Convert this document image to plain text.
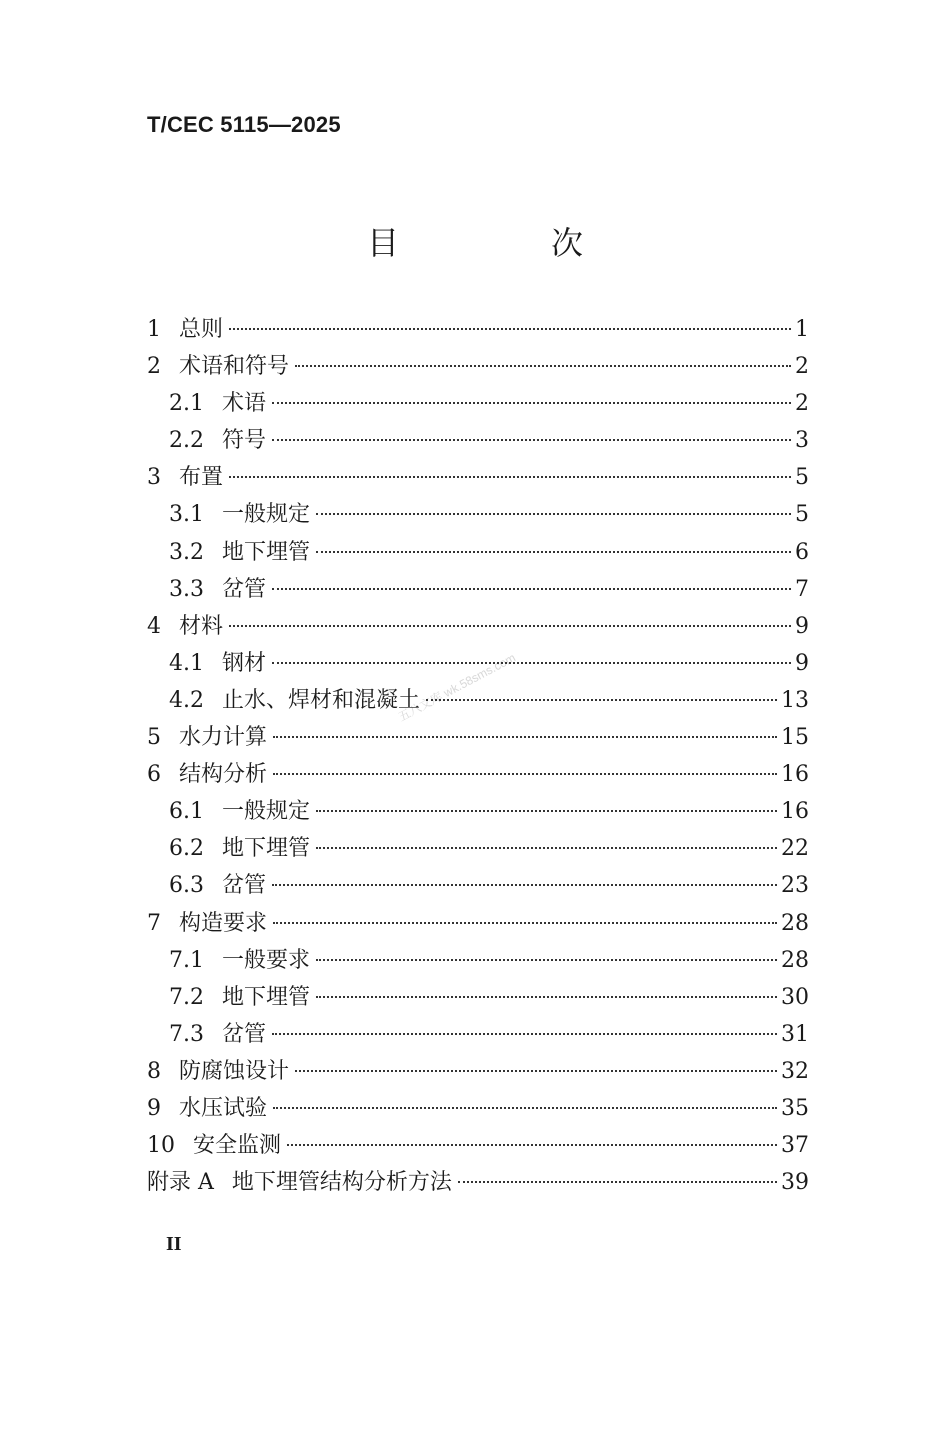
T/CEC 5115—2025
目　次
五八文库 wk.58sms.com
1 总则	1
2 术语和符号	2
2.1 术语	2
2.2 符号	3
3 布置	5
3.1 一般规定	5
3.2 地下埋管	6
3.3 岔管	7
4 材料	9
4.1 钢材	9
4.2 止水、焊材和混凝土	13
5 水力计算	15
6 结构分析	16
6.1 一般规定	16
6.2 地下埋管	22
6.3 岔管	23
7 构造要求	28
7.1 一般要求	28
7.2 地下埋管	30
7.3 岔管	31
8 防腐蚀设计	32
9 水压试验	35
10 安全监测	37
附录 A 地下埋管结构分析方法	39
II
